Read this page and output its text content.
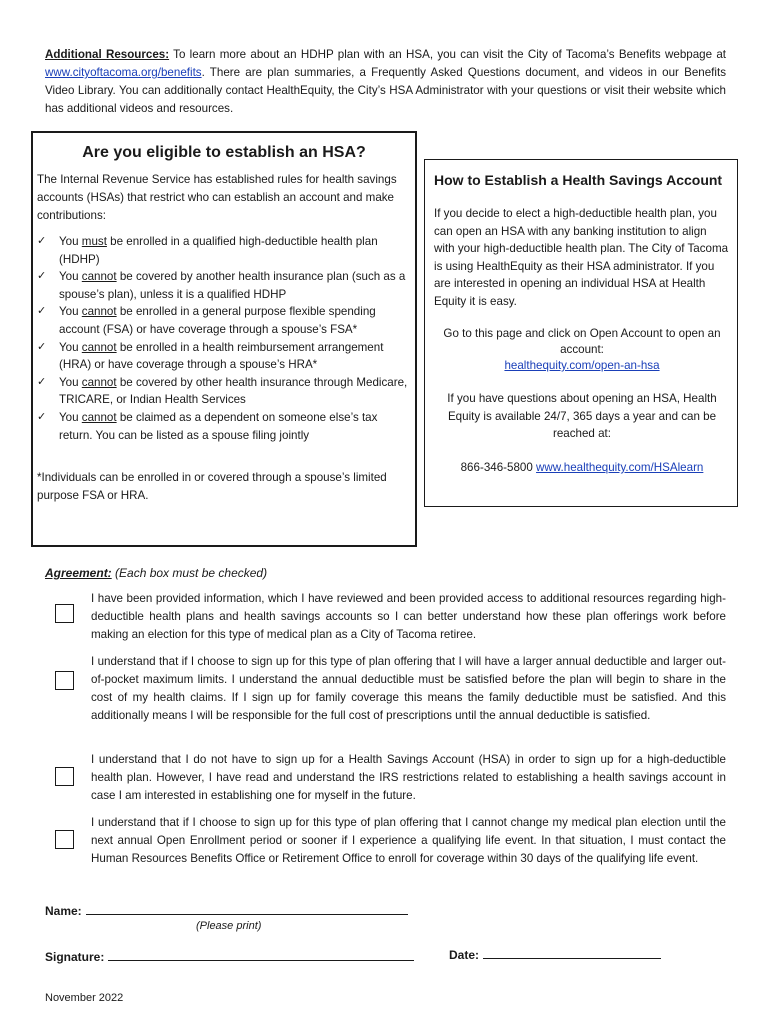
Additional Resources: To learn more about an HDHP plan with an HSA, you can visit the City of Tacoma’s Benefits webpage at www.cityoftacoma.org/benefits. There are plan summaries, a Frequently Asked Questions document, and videos in our Benefits Video Library. You can additionally contact HealthEquity, the City’s HSA Administrator with your questions or visit their website which has additional videos and resources.
Are you eligible to establish an HSA?
The Internal Revenue Service has established rules for health savings accounts (HSAs) that restrict who can establish an account and make contributions:
✓ You must be enrolled in a qualified high-deductible health plan (HDHP)
✓ You cannot be covered by another health insurance plan (such as a spouse’s plan), unless it is a qualified HDHP
✓ You cannot be enrolled in a general purpose flexible spending account (FSA) or have coverage through a spouse’s FSA*
✓ You cannot be enrolled in a health reimbursement arrangement (HRA) or have coverage through a spouse’s HRA*
✓ You cannot be covered by other health insurance through Medicare, TRICARE, or Indian Health Services
✓ You cannot be claimed as a dependent on someone else’s tax return. You can be listed as a spouse filing jointly
*Individuals can be enrolled in or covered through a spouse’s limited purpose FSA or HRA.
How to Establish a Health Savings Account
If you decide to elect a high-deductible health plan, you can open an HSA with any banking institution to align with your high-deductible health plan. The City of Tacoma is using HealthEquity as their HSA administrator. If you are interested in opening an individual HSA at Health Equity it is easy.
Go to this page and click on Open Account to open an account:
healthequity.com/open-an-hsa
If you have questions about opening an HSA, Health Equity is available 24/7, 365 days a year and can be reached at:
866-346-5800 www.healthequity.com/HSAlearn
Agreement: (Each box must be checked)
I have been provided information, which I have reviewed and been provided access to additional resources regarding high-deductible health plans and health savings accounts so I can better understand how these plan offerings work before making an election for this type of medical plan as a City of Tacoma retiree.
I understand that if I choose to sign up for this type of plan offering that I will have a larger annual deductible and larger out-of-pocket maximum limits. I understand the annual deductible must be satisfied before the plan will begin to share in the cost of my health claims. If I sign up for family coverage this means the family deductible must be satisfied. And this additionally means I will be responsible for the full cost of prescriptions until the annual deductible is satisfied.
I understand that I do not have to sign up for a Health Savings Account (HSA) in order to sign up for a high-deductible health plan. However, I have read and understand the IRS restrictions related to establishing a health savings account in case I am interested in establishing one for myself in the future.
I understand that if I choose to sign up for this type of plan offering that I cannot change my medical plan election until the next annual Open Enrollment period or sooner if I experience a qualifying life event. In that situation, I must contact the Human Resources Benefits Office or Retirement Office to enroll for coverage within 30 days of the qualifying life event.
Name:
(Please print)
Signature:	Date:
November 2022
